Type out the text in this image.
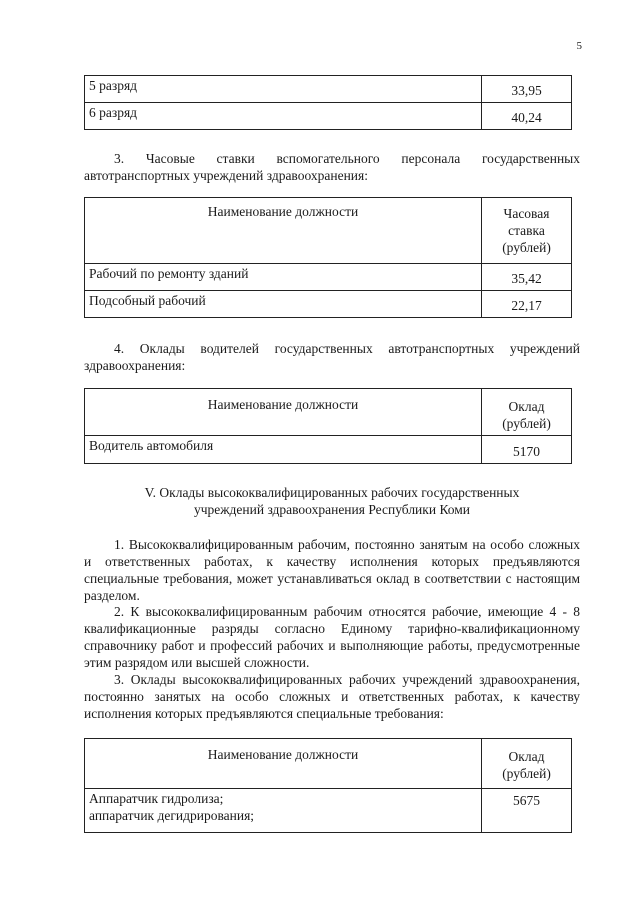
5
5 разряд	33,95
6 разряд	40,24
3. Часовые ставки вспомогательного персонала государственных автотранспортных учреждений здравоохранения:
Наименование должности	Часовая
ставка
(рублей)

Рабочий по ремонту зданий	35,42
Подсобный рабочий	22,17
4. Оклады водителей государственных автотранспортных учреждений здравоохранения:
Наименование должности	Оклад
(рублей)

Водитель автомобиля	5170
V. Оклады высококвалифицированных рабочих государственных
учреждений здравоохранения Республики Коми
1. Высококвалифицированным рабочим, постоянно занятым на особо сложных и ответственных работах, к качеству исполнения которых предъявляются специальные требования, может устанавливаться оклад в соответствии с настоящим разделом.
2. К высококвалифицированным рабочим относятся рабочие, имеющие 4 - 8 квалификационные разряды согласно Единому тарифно-квалификационному справочнику работ и профессий рабочих и выполняющие работы, предусмотренные этим разрядом или высшей сложности.
3. Оклады высококвалифицированных рабочих учреждений здравоохранения, постоянно занятых на особо сложных и ответственных работах, к качеству исполнения которых предъявляются специальные требования:
Наименование должности	Оклад
(рублей)

Аппаратчик гидролиза;
аппаратчик дегидрирования;	5675
